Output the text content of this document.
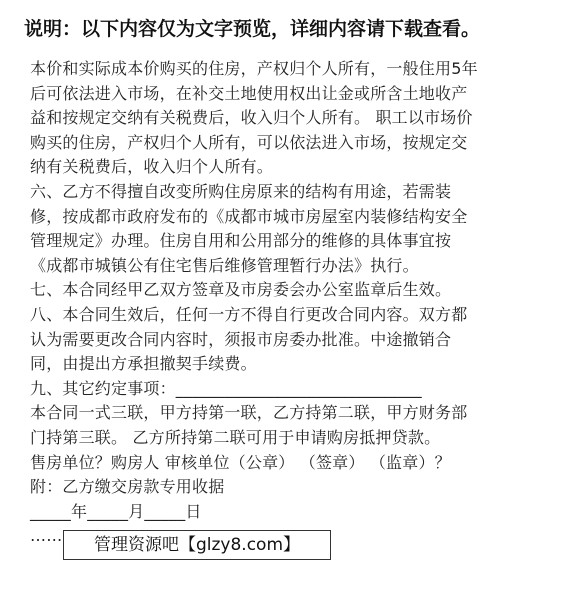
说明：以下内容仅为文字预览，详细内容请下载查看。
本价和实际成本价购买的住房，产权归个人所有，一般住用5年
后可依法进入市场，在补交土地使用权出让金或所含土地收产
益和按规定交纳有关税费后，收入归个人所有。 职工以市场价
购买的住房，产权归个人所有，可以依法进入市场，按规定交
纳有关税费后，收入归个人所有。
六、乙方不得擅自改变所购住房原来的结构有用途，若需装
修，按成都市政府发布的《成都市城市房屋室内装修结构安全
管理规定》办理。住房自用和公用部分的维修的具体事宜按
《成都市城镇公有住宅售后维修管理暂行办法》执行。
七、本合同经甲乙双方签章及市房委会办公室监章后生效。
八、本合同生效后，任何一方不得自行更改合同内容。双方都
认为需要更改合同内容时，须报市房委办批准。中途撤销合
同，由提出方承担撤契手续费。
九、其它约定事项：______________________________
本合同一式三联，甲方持第一联，乙方持第二联，甲方财务部
门持第三联。 乙方所持第二联可用于申请购房抵押贷款。
售房单位？购房人 审核单位（公章） （签章） （监章）？
附：乙方缴交房款专用收据
_____年_____月_____日
……	管理资源吧【glzy8.com】
